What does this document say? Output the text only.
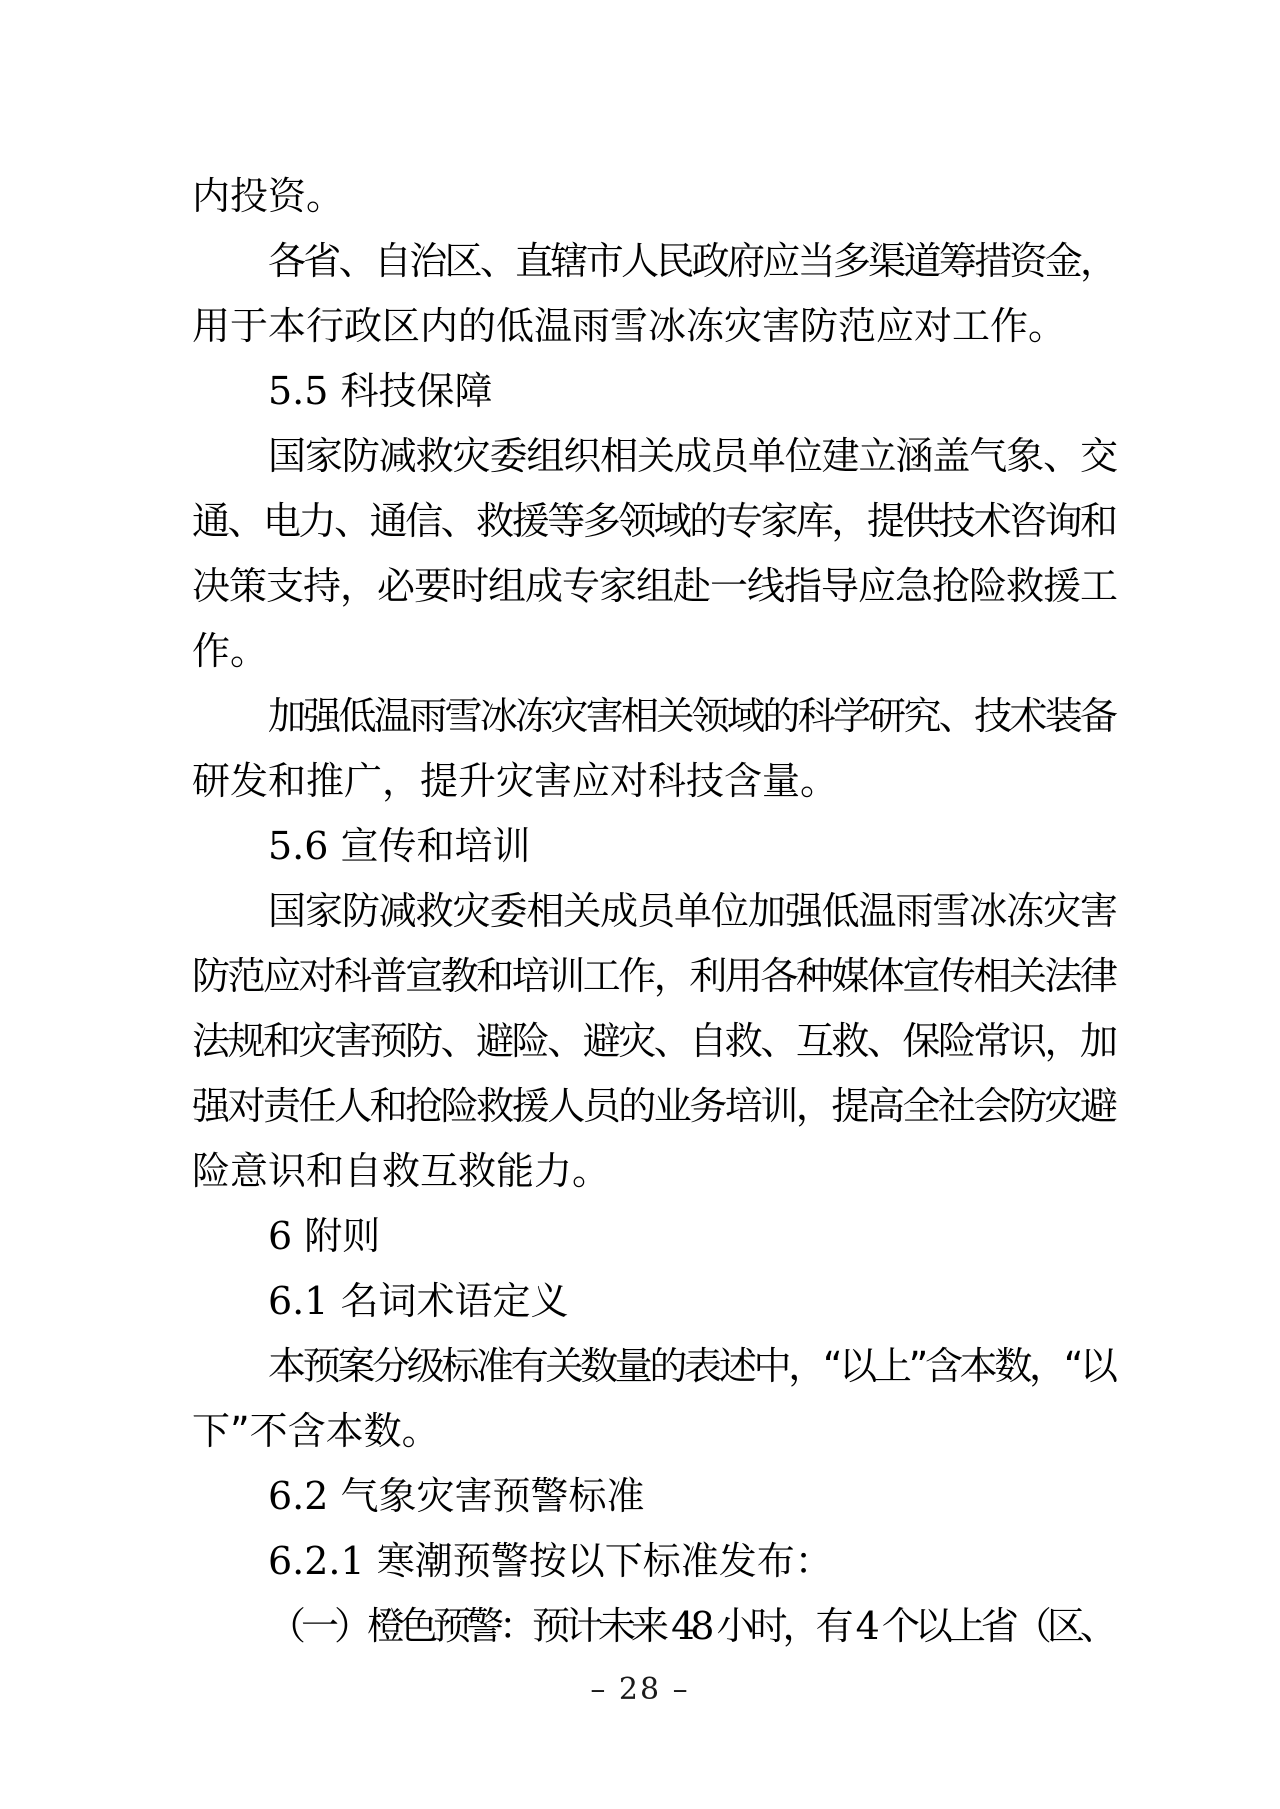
内投资。
各省、自治区、直辖市人民政府应当多渠道筹措资金，
用于本行政区内的低温雨雪冰冻灾害防范应对工作。
5.5 科技保障
国家防减救灾委组织相关成员单位建立涵盖气象、交
通、电力、通信、救援等多领域的专家库，提供技术咨询和
决策支持，必要时组成专家组赴一线指导应急抢险救援工
作。
加强低温雨雪冰冻灾害相关领域的科学研究、技术装备
研发和推广，提升灾害应对科技含量。
5.6 宣传和培训
国家防减救灾委相关成员单位加强低温雨雪冰冻灾害
防范应对科普宣教和培训工作，利用各种媒体宣传相关法律
法规和灾害预防、避险、避灾、自救、互救、保险常识，加
强对责任人和抢险救援人员的业务培训，提高全社会防灾避
险意识和自救互救能力。
6 附则
6.1 名词术语定义
本预案分级标准有关数量的表述中，“以上”含本数，“以
下”不含本数。
6.2 气象灾害预警标准
6.2.1 寒潮预警按以下标准发布：
（一）橙色预警：预计未来 48 小时，有 4 个以上省（区、
– 28 –
